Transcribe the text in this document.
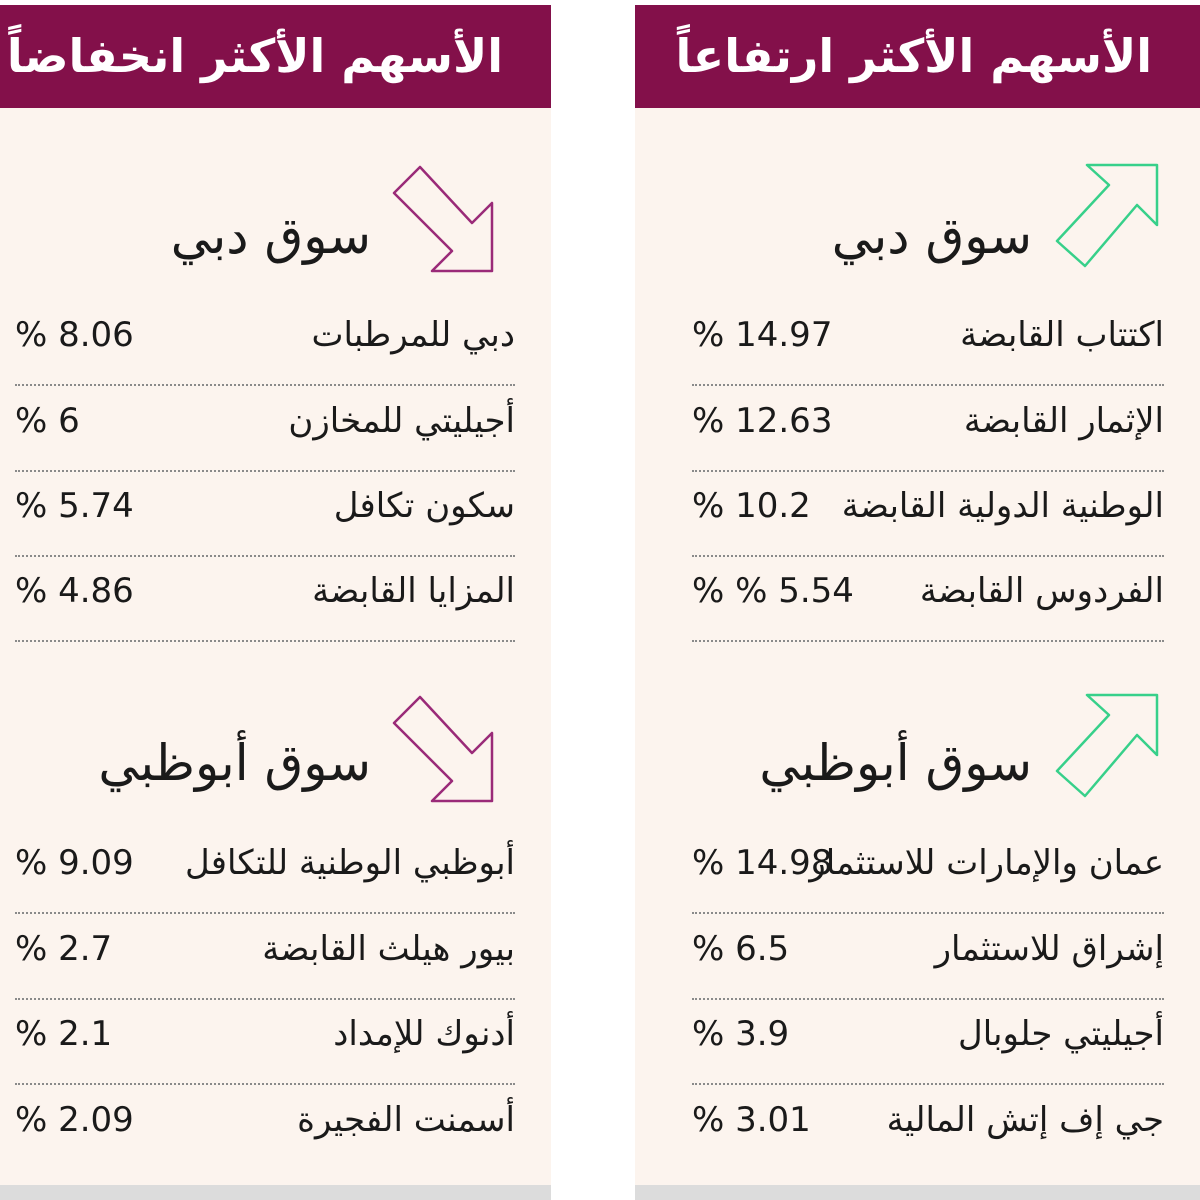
الأسهم الأكثر ارتفاعاً
سوق دبي
اكتتاب القابضة
% 14.97
الإثمار القابضة
% 12.63
الوطنية الدولية القابضة
% 10.2
الفردوس القابضة
% % 5.54
سوق أبوظبي
عمان والإمارات للاستثمار
% 14.98
إشراق للاستثمار
% 6.5
أجيليتي جلوبال
% 3.9
جي إف إتش المالية
% 3.01
الأسهم الأكثر انخفاضاً
سوق دبي
دبي للمرطبات
% 8.06
أجيليتي للمخازن
% 6
سكون تكافل
% 5.74
المزايا القابضة
% 4.86
سوق أبوظبي
أبوظبي الوطنية للتكافل
% 9.09
بيور هيلث القابضة
% 2.7
أدنوك للإمداد
% 2.1
أسمنت الفجيرة
% 2.09
